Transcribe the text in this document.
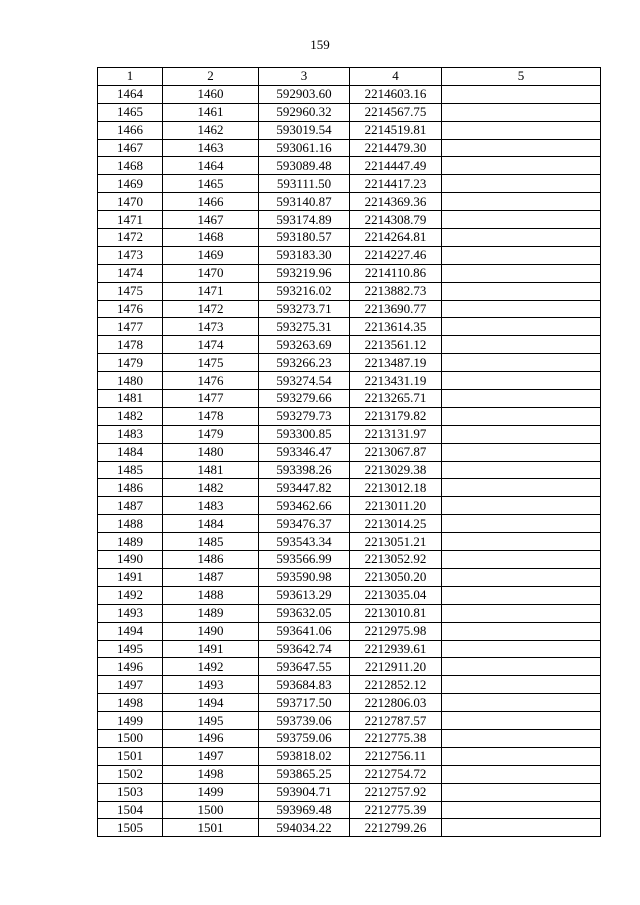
159
1	2	3	4	5
1464	1460	592903.60	2214603.16	
1465	1461	592960.32	2214567.75	
1466	1462	593019.54	2214519.81	
1467	1463	593061.16	2214479.30	
1468	1464	593089.48	2214447.49	
1469	1465	593111.50	2214417.23	
1470	1466	593140.87	2214369.36	
1471	1467	593174.89	2214308.79	
1472	1468	593180.57	2214264.81	
1473	1469	593183.30	2214227.46	
1474	1470	593219.96	2214110.86	
1475	1471	593216.02	2213882.73	
1476	1472	593273.71	2213690.77	
1477	1473	593275.31	2213614.35	
1478	1474	593263.69	2213561.12	
1479	1475	593266.23	2213487.19	
1480	1476	593274.54	2213431.19	
1481	1477	593279.66	2213265.71	
1482	1478	593279.73	2213179.82	
1483	1479	593300.85	2213131.97	
1484	1480	593346.47	2213067.87	
1485	1481	593398.26	2213029.38	
1486	1482	593447.82	2213012.18	
1487	1483	593462.66	2213011.20	
1488	1484	593476.37	2213014.25	
1489	1485	593543.34	2213051.21	
1490	1486	593566.99	2213052.92	
1491	1487	593590.98	2213050.20	
1492	1488	593613.29	2213035.04	
1493	1489	593632.05	2213010.81	
1494	1490	593641.06	2212975.98	
1495	1491	593642.74	2212939.61	
1496	1492	593647.55	2212911.20	
1497	1493	593684.83	2212852.12	
1498	1494	593717.50	2212806.03	
1499	1495	593739.06	2212787.57	
1500	1496	593759.06	2212775.38	
1501	1497	593818.02	2212756.11	
1502	1498	593865.25	2212754.72	
1503	1499	593904.71	2212757.92	
1504	1500	593969.48	2212775.39	
1505	1501	594034.22	2212799.26	
